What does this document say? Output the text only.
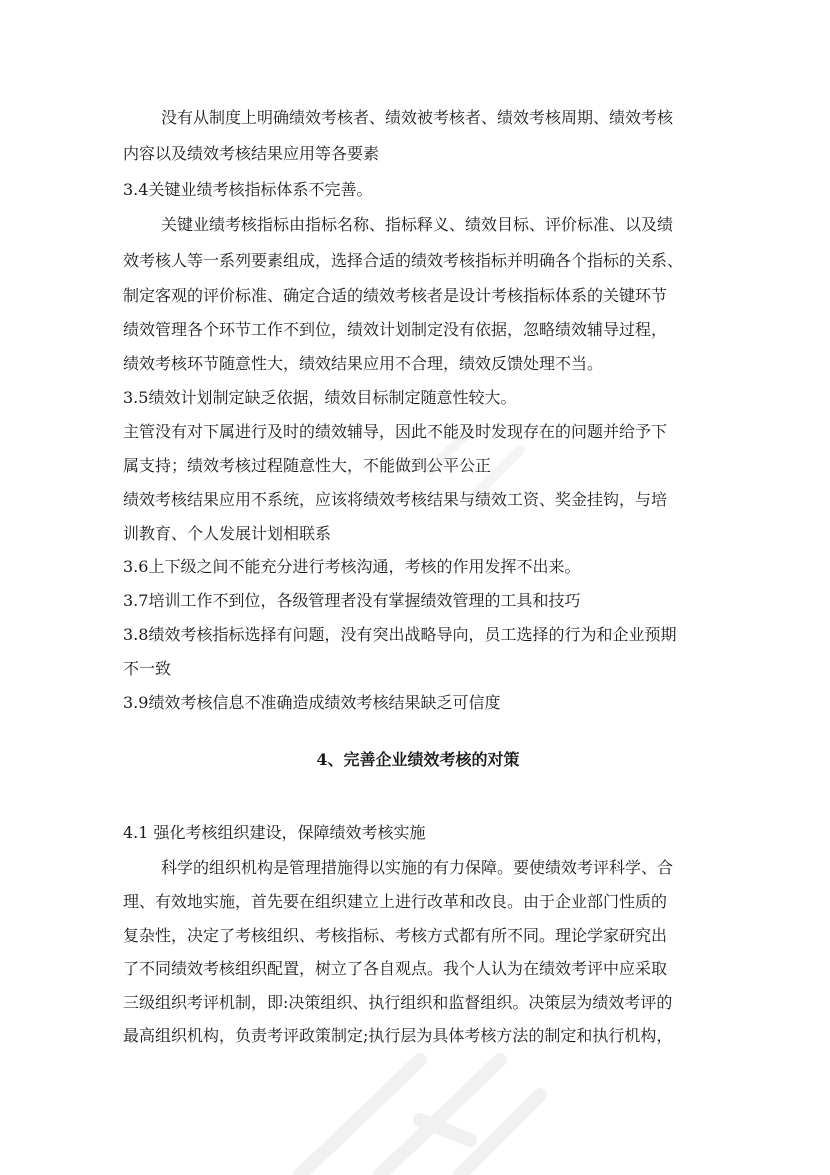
没有从制度上明确绩效考核者、绩效被考核者、绩效考核周期、绩效考核
内容以及绩效考核结果应用等各要素
3.4关键业绩考核指标体系不完善。
关键业绩考核指标由指标名称、指标释义、绩效目标、评价标准、以及绩
效考核人等一系列要素组成，选择合适的绩效考核指标并明确各个指标的关系、
制定客观的评价标准、确定合适的绩效考核者是设计考核指标体系的关键环节
绩效管理各个环节工作不到位，绩效计划制定没有依据，忽略绩效辅导过程，
绩效考核环节随意性大，绩效结果应用不合理，绩效反馈处理不当。
3.5绩效计划制定缺乏依据，绩效目标制定随意性较大。
主管没有对下属进行及时的绩效辅导，因此不能及时发现存在的问题并给予下
属支持；绩效考核过程随意性大，不能做到公平公正
绩效考核结果应用不系统，应该将绩效考核结果与绩效工资、奖金挂钩，与培
训教育、个人发展计划相联系
3.6上下级之间不能充分进行考核沟通，考核的作用发挥不出来。
3.7培训工作不到位，各级管理者没有掌握绩效管理的工具和技巧
3.8绩效考核指标选择有问题，没有突出战略导向，员工选择的行为和企业预期
不一致
3.9绩效考核信息不准确造成绩效考核结果缺乏可信度
4、完善企业绩效考核的对策
4.1 强化考核组织建设，保障绩效考核实施
科学的组织机构是管理措施得以实施的有力保障。要使绩效考评科学、合
理、有效地实施，首先要在组织建立上进行改革和改良。由于企业部门性质的
复杂性，决定了考核组织、考核指标、考核方式都有所不同。理论学家研究出
了不同绩效考核组织配置，树立了各自观点。我个人认为在绩效考评中应采取
三级组织考评机制，即:决策组织、执行组织和监督组织。决策层为绩效考评的
最高组织机构，负责考评政策制定;执行层为具体考核方法的制定和执行机构，
